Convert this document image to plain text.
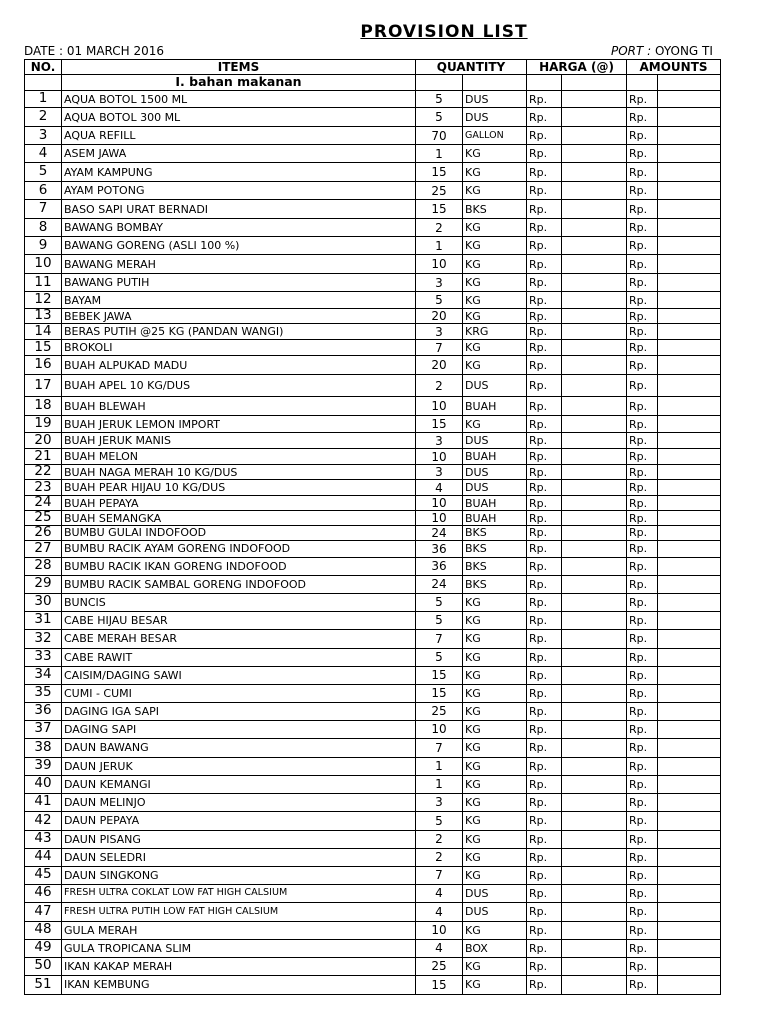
PROVISION LIST
DATE : 01 MARCH 2016	PORT : OYONG TI
NO.	ITEMS	QUANTITY		HARGA (@)		AMOUNTS	
	I. bahan makanan						
1	AQUA BOTOL 1500 ML	5	DUS	Rp.		Rp.	
2	AQUA BOTOL 300 ML	5	DUS	Rp.		Rp.	
3	AQUA REFILL	70	GALLON	Rp.		Rp.	
4	ASEM JAWA	1	KG	Rp.		Rp.	
5	AYAM KAMPUNG	15	KG	Rp.		Rp.	
6	AYAM POTONG	25	KG	Rp.		Rp.	
7	BASO SAPI URAT BERNADI	15	BKS	Rp.		Rp.	
8	BAWANG BOMBAY	2	KG	Rp.		Rp.	
9	BAWANG GORENG (ASLI 100 %)	1	KG	Rp.		Rp.	
10	BAWANG MERAH	10	KG	Rp.		Rp.	
11	BAWANG PUTIH	3	KG	Rp.		Rp.	
12	BAYAM	5	KG	Rp.		Rp.	
13	BEBEK JAWA	20	KG	Rp.		Rp.	
14	BERAS PUTIH @25 KG (PANDAN WANGI)	3	KRG	Rp.		Rp.	
15	BROKOLI	7	KG	Rp.		Rp.	
16	BUAH ALPUKAD MADU	20	KG	Rp.		Rp.	
17	BUAH APEL 10 KG/DUS	2	DUS	Rp.		Rp.	
18	BUAH BLEWAH	10	BUAH	Rp.		Rp.	
19	BUAH JERUK LEMON IMPORT	15	KG	Rp.		Rp.	
20	BUAH JERUK MANIS	3	DUS	Rp.		Rp.	
21	BUAH MELON	10	BUAH	Rp.		Rp.	
22	BUAH NAGA MERAH 10 KG/DUS	3	DUS	Rp.		Rp.	
23	BUAH PEAR HIJAU 10 KG/DUS	4	DUS	Rp.		Rp.	
24	BUAH PEPAYA	10	BUAH	Rp.		Rp.	
25	BUAH SEMANGKA	10	BUAH	Rp.		Rp.	
26	BUMBU GULAI INDOFOOD	24	BKS	Rp.		Rp.	
27	BUMBU RACIK AYAM GORENG INDOFOOD	36	BKS	Rp.		Rp.	
28	BUMBU RACIK IKAN GORENG INDOFOOD	36	BKS	Rp.		Rp.	
29	BUMBU RACIK SAMBAL GORENG INDOFOOD	24	BKS	Rp.		Rp.	
30	BUNCIS	5	KG	Rp.		Rp.	
31	CABE HIJAU BESAR	5	KG	Rp.		Rp.	
32	CABE MERAH BESAR	7	KG	Rp.		Rp.	
33	CABE RAWIT	5	KG	Rp.		Rp.	
34	CAISIM/DAGING SAWI	15	KG	Rp.		Rp.	
35	CUMI - CUMI	15	KG	Rp.		Rp.	
36	DAGING IGA SAPI	25	KG	Rp.		Rp.	
37	DAGING SAPI	10	KG	Rp.		Rp.	
38	DAUN BAWANG	7	KG	Rp.		Rp.	
39	DAUN JERUK	1	KG	Rp.		Rp.	
40	DAUN KEMANGI	1	KG	Rp.		Rp.	
41	DAUN MELINJO	3	KG	Rp.		Rp.	
42	DAUN PEPAYA	5	KG	Rp.		Rp.	
43	DAUN PISANG	2	KG	Rp.		Rp.	
44	DAUN SELEDRI	2	KG	Rp.		Rp.	
45	DAUN SINGKONG	7	KG	Rp.		Rp.	
46	FRESH ULTRA COKLAT LOW FAT HIGH CALSIUM	4	DUS	Rp.		Rp.	
47	FRESH ULTRA PUTIH LOW FAT HIGH CALSIUM	4	DUS	Rp.		Rp.	
48	GULA MERAH	10	KG	Rp.		Rp.	
49	GULA TROPICANA SLIM	4	BOX	Rp.		Rp.	
50	IKAN KAKAP MERAH	25	KG	Rp.		Rp.	
51	IKAN KEMBUNG	15	KG	Rp.		Rp.	
